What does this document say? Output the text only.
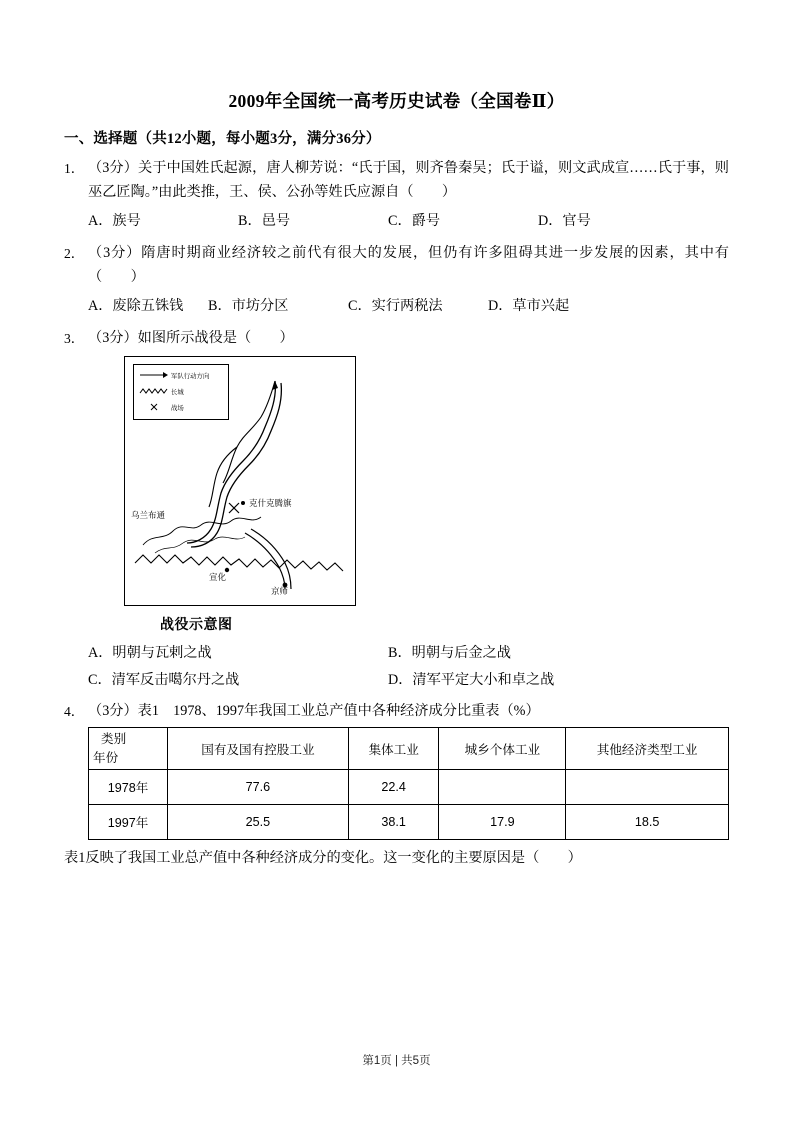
2009年全国统一高考历史试卷（全国卷Ⅱ）
一、选择题（共12小题，每小题3分，满分36分）
1． （3分）关于中国姓氏起源，唐人柳芳说：“氏于国，则齐鲁秦吴；氏于谥，则文武成宣……氏于事，则巫乙匠陶。”由此类推，王、侯、公孙等姓氏应源自（　　）
A．族号	B．邑号	C．爵号	D．官号
2． （3分）隋唐时期商业经济较之前代有很大的发展，但仍有许多阻碍其进一步发展的因素，其中有（　　）
A．废除五铢钱	B．市坊分区	C．实行两税法	D．草市兴起
3． （3分）如图所示战役是（　　）
军队行动方向
长城
战场
乌兰布通
克什克腾旗
宣化
京师
战役示意图
A．明朝与瓦剌之战	B．明朝与后金之战
C．清军反击噶尔丹之战	D．清军平定大小和卓之战
4． （3分）表1　1978、1997年我国工业总产值中各种经济成分比重表（%）
类别
年份	国有及国有控股工业	集体工业	城乡个体工业	其他经济类型工业
1978年	77.6	22.4		
1997年	25.5	38.1	17.9	18.5
表1反映了我国工业总产值中各种经济成分的变化。这一变化的主要原因是（　　）
第1页 | 共5页
